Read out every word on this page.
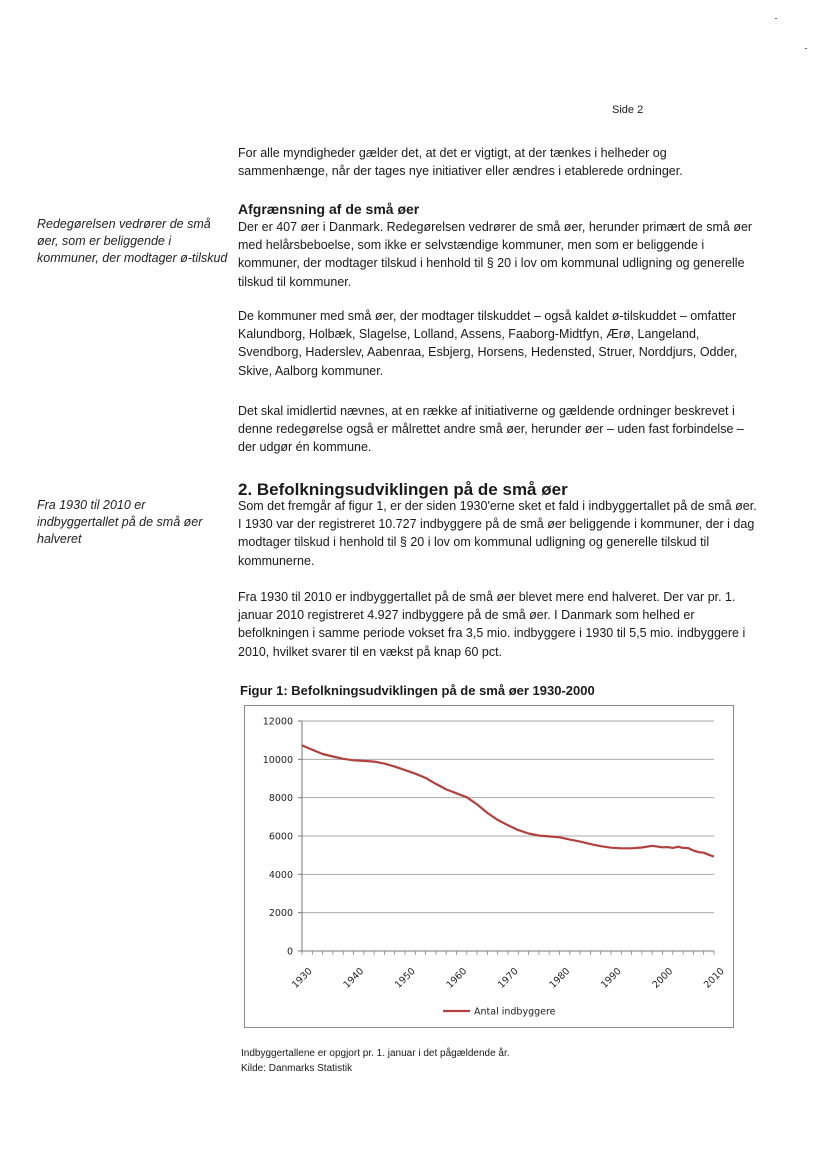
Side 2

For alle myndigheder gælder det, at det er vigtigt, at der tænkes i helheder og sammenhænge, når der tages nye initiativer eller ændres i etablerede ordninger.

Afgrænsning af de små øer
Redegørelsen vedrører de små øer, som er beliggende i kommuner, der modtager ø-tilskud

Der er 407 øer i Danmark. Redegørelsen vedrører de små øer, herunder primært de små øer med helårsbeboelse, som ikke er selvstændige kommuner, men som er beliggende i kommuner, der modtager tilskud i henhold til § 20 i lov om kommunal udligning og generelle tilskud til kommuner.

De kommuner med små øer, der modtager tilskuddet – også kaldet ø-tilskuddet – omfatter Kalundborg, Holbæk, Slagelse, Lolland, Assens, Faaborg-Midtfyn, Ærø, Langeland, Svendborg, Haderslev, Aabenraa, Esbjerg, Horsens, Hedensted, Struer, Norddjurs, Odder, Skive, Aalborg kommuner.

Det skal imidlertid nævnes, at en række af initiativerne og gældende ordninger beskrevet i denne redegørelse også er målrettet andre små øer, herunder øer – uden fast forbindelse – der udgør én kommune.

2. Befolkningsudviklingen på de små øer
Fra 1930 til 2010 er indbyggertallet på de små øer halveret

Som det fremgår af figur 1, er der siden 1930'erne sket et fald i indbyggertallet på de små øer. I 1930 var der registreret 10.727 indbyggere på de små øer beliggende i kommuner, der i dag modtager tilskud i henhold til § 20 i lov om kommunal udligning og generelle tilskud til kommunerne.

Fra 1930 til 2010 er indbyggertallet på de små øer blevet mere end halveret. Der var pr. 1. januar 2010 registreret 4.927 indbyggere på de små øer. I Danmark som helhed er befolkningen i samme periode vokset fra 3,5 mio. indbyggere i 1930 til 5,5 mio. indbyggere i 2010, hvilket svarer til en vækst på knap 60 pct.

Figur 1: Befolkningsudviklingen på de små øer 1930-2000
0
2000
4000
6000
8000
10000
12000
1930	1940	1950	1960	1970	1980	1990	2000	2010
Antal indbyggere

Indbyggertallene er opgjort pr. 1. januar i det pågældende år.

Kilde: Danmarks Statistik
